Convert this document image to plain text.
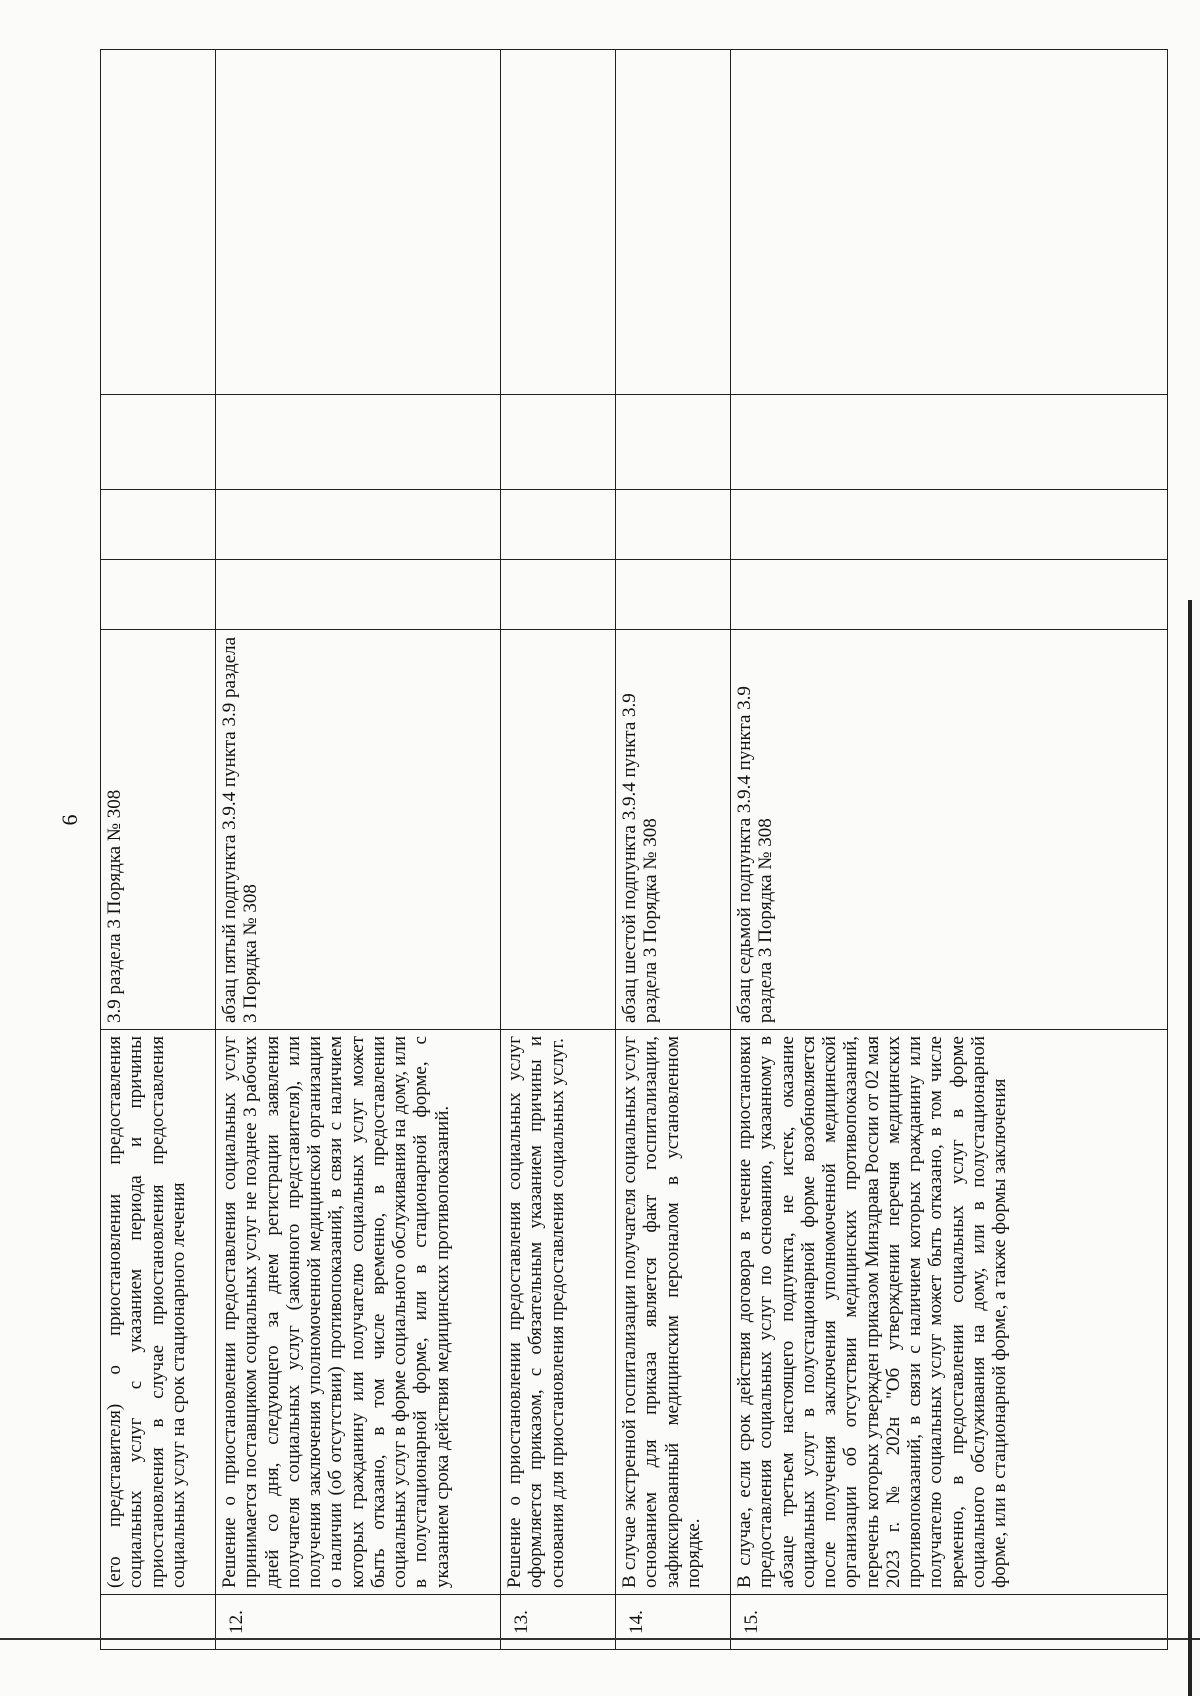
6
	(его представителя) о приостановлении предоставления социальных услуг с указанием периода и причины приостановления в случае приостановления предоставления социальных услуг на срок стационарного лечения	3.9 раздела 3 Порядка № 308				
12.	Решение о приостановлении предоставления социальных услуг принимается поставщиком социальных услуг не позднее 3 рабочих дней со дня, следующего за днем регистрации заявления получателя социальных услуг (законного представителя), или получения заключения уполномоченной медицинской организации о наличии (об отсутствии) противопоказаний, в связи с наличием которых гражданину или получателю социальных услуг может быть отказано, в том числе временно, в предоставлении социальных услуг в форме социального обслуживания на дому, или в полустационарной форме, или в стационарной форме, с указанием срока действия медицинских противопоказаний.	абзац пятый подпункта 3.9.4 пункта 3.9 раздела 3 Порядка № 308				
13.	Решение о приостановлении предоставления социальных услуг оформляется приказом, с обязательным указанием причины и основания для приостановления предоставления социальных услуг.					
14.	В случае экстренной госпитализации получателя социальных услуг основанием для приказа является факт госпитализации, зафиксированный медицинским персоналом в установленном порядке.	абзац шестой подпункта 3.9.4 пункта 3.9 раздела 3 Порядка № 308				
15.	В случае, если срок действия договора в течение приостановки предоставления социальных услуг по основанию, указанному в абзаце третьем настоящего подпункта, не истек, оказание социальных услуг в полустационарной форме возобновляется после получения заключения уполномоченной медицинской организации об отсутствии медицинских противопоказаний, перечень которых утвержден приказом Минздрава России от 02 мая 2023 г. № 202н "Об утверждении перечня медицинских противопоказаний, в связи с наличием которых гражданину или получателю социальных услуг может быть отказано, в том числе временно, в предоставлении социальных услуг в форме социального обслуживания на дому, или в полустационарной форме, или в стационарной форме, а также формы заключения	абзац седьмой подпункта 3.9.4 пункта 3.9 раздела 3 Порядка № 308				
